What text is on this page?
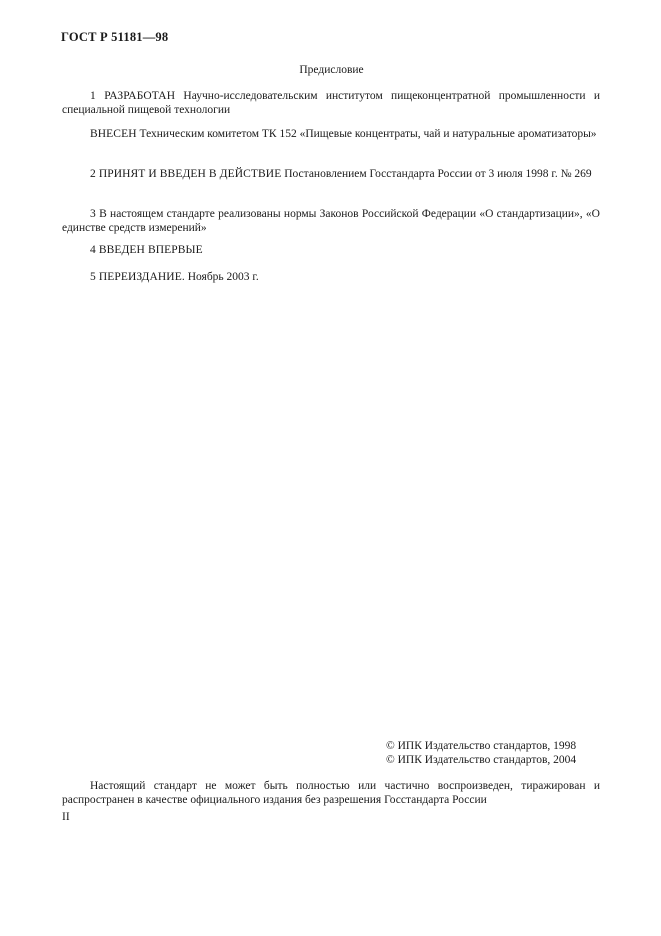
ГОСТ Р 51181—98
Предисловие
1 РАЗРАБОТАН Научно-исследовательским институтом пищеконцентратной промышленности и специальной пищевой технологии
ВНЕСЕН Техническим комитетом ТК 152 «Пищевые концентраты, чай и натуральные ароматизаторы»
2 ПРИНЯТ И ВВЕДЕН В ДЕЙСТВИЕ Постановлением Госстандарта России от 3 июля 1998 г. № 269
3 В настоящем стандарте реализованы нормы Законов Российской Федерации «О стандартизации», «О единстве средств измерений»
4 ВВЕДЕН ВПЕРВЫЕ
5 ПЕРЕИЗДАНИЕ. Ноябрь 2003 г.
© ИПК Издательство стандартов, 1998
© ИПК Издательство стандартов, 2004
Настоящий стандарт не может быть полностью или частично воспроизведен, тиражирован и распространен в качестве официального издания без разрешения Госстандарта России
II
